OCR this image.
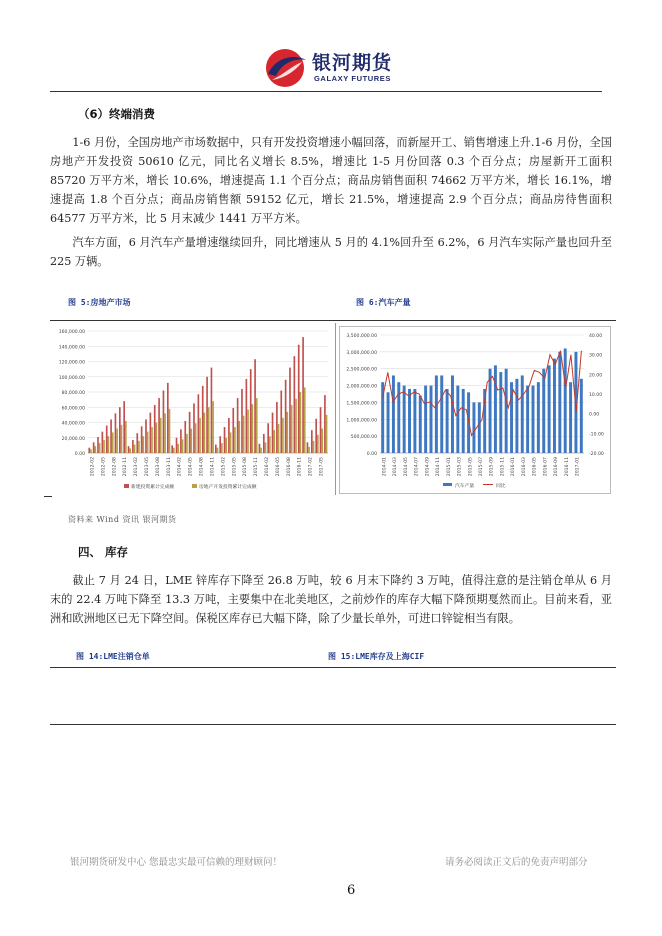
银河期货
GALAXY FUTURES
（6）终端消费

1-6 月份，全国房地产市场数据中，只有开发投资增速小幅回落，而新屋开工、销售增速上升.1-6 月份，全国房地产开发投资 50610 亿元，同比名义增长 8.5%，增速比 1-5 月份回落 0.3 个百分点；房屋新开工面积 85720 万平方米，增长 10.6%，增速提高 1.1 个百分点；商品房销售面积 74662 万平方米，增长 16.1%，增速提高 1.8 个百分点；商品房销售额 59152 亿元，增长 21.5%，增速提高 2.9 个百分点；商品房待售面积 64577 万平方米，比 5 月末减少 1441 万平方米。

汽车方面，6 月汽车产量增速继续回升，同比增速从 5 月的 4.1%回升至 6.2%，6 月汽车实际产量也回升至 225 万辆。

图 5:房地产市场	图 6:汽车产量
0.00
20,000.00
40,000.00
60,000.00
80,000.00
100,000.00
120,000.00
140,000.00
160,000.00
2012-02 2012-05 2012-08 2012-11 2013-02 2013-05 2013-08 2013-11 2014-02 2014-05 2014-08 2014-11 2015-02 2015-05 2015-08 2015-11 2016-02 2016-05 2016-08 2016-11 2017-02 2017-05
新建投资累计完成额	房地产开发投资累计完成额
0.00
500,000.00
1,000,000.00
1,500,000.00
2,000,000.00
2,500,000.00
3,000,000.00
3,500,000.00
-20.00
-10.00
0.00
10.00
20.00
30.00
40.00
2014-01 2014-03 2014-05 2014-07 2014-09 2014-11 2015-01 2015-03 2015-05 2015-07 2015-09 2015-11 2016-01 2016-03 2016-05 2016-07 2016-09 2016-11 2017-01
汽车产量	同比
资料来 Wind 资讯 银河期货
四、 库存

截止 7 月 24 日，LME 锌库存下降至 26.8 万吨，较 6 月末下降约 3 万吨，值得注意的是注销仓单从 6 月末的 22.4 万吨下降至 13.3 万吨，主要集中在北美地区，之前炒作的库存大幅下降预期戛然而止。目前来看，亚洲和欧洲地区已无下降空间。保税区库存已大幅下降，除了少量长单外，可进口锌锭相当有限。

图 14:LME注销仓单	图 15:LME库存及上海CIF
银河期货研发中心 您最忠实最可信赖的理财顾问！	请务必阅读正文后的免责声明部分
6
